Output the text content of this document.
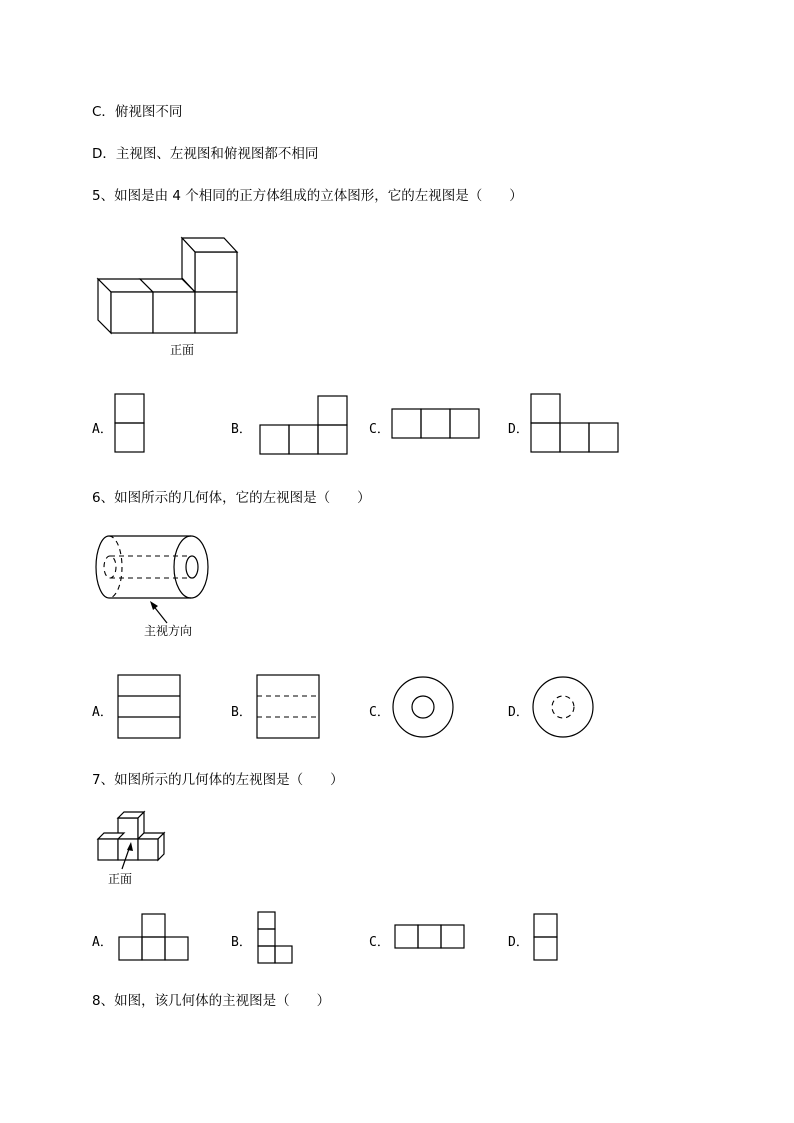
C．俯视图不同
D．主视图、左视图和俯视图都不相同
5、如图是由 4 个相同的正方体组成的立体图形，它的左视图是（　　）
正面
A．	B．	C．	D．
6、如图所示的几何体，它的左视图是（　　）
主视方向
A．	B．	C．	D．
7、如图所示的几何体的左视图是（　　）
正面
A．	B．	C．	D．
8、如图，该几何体的主视图是（　　）
